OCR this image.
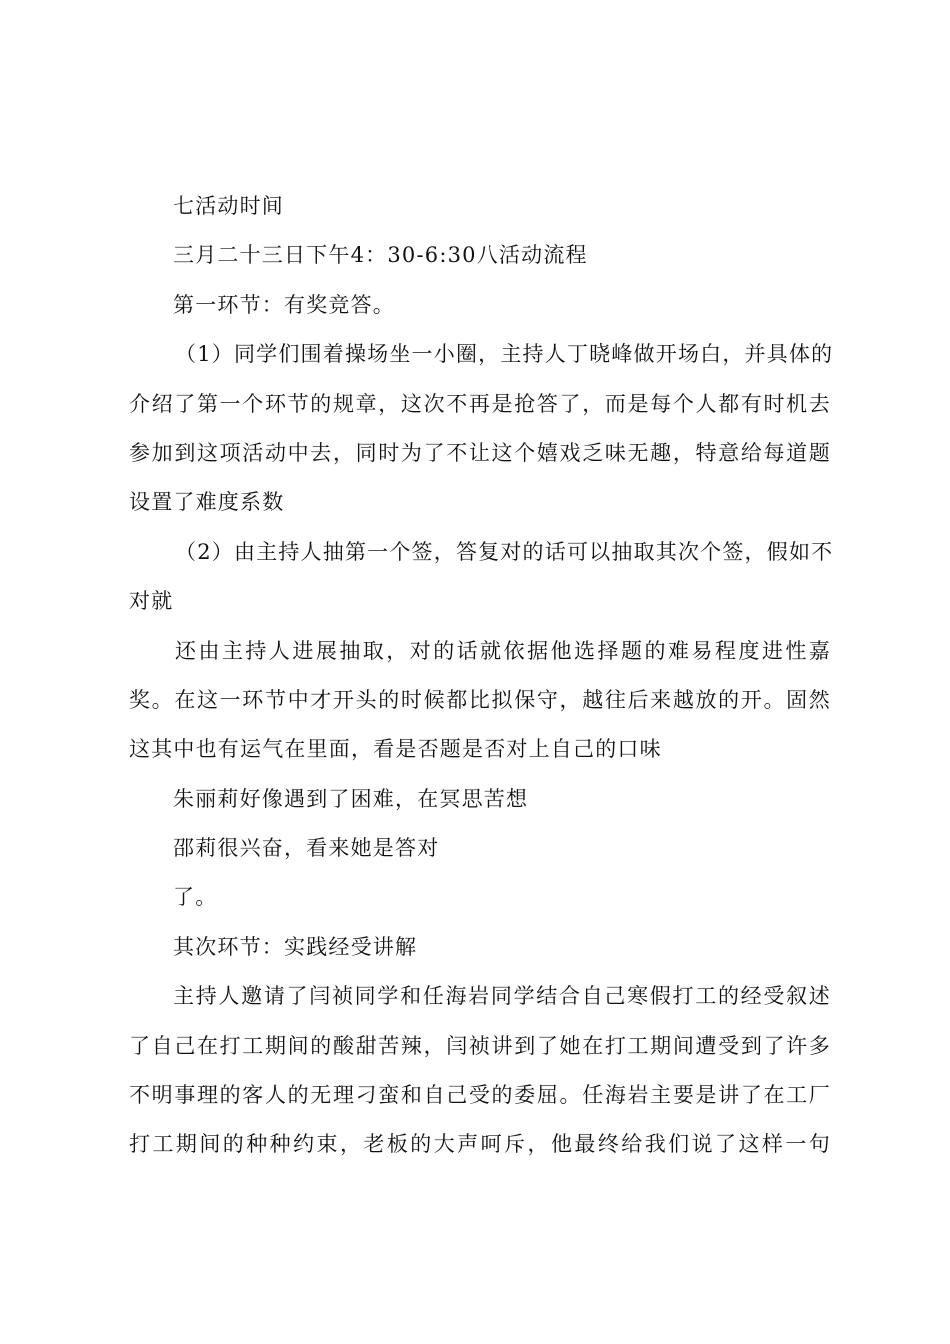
七活动时间
三月二十三日下午4：30-6:30八活动流程
第一环节：有奖竞答。
（1）同学们围着操场坐一小圈，主持人丁晓峰做开场白，并具体的
介绍了第一个环节的规章，这次不再是抢答了，而是每个人都有时机去
参加到这项活动中去，同时为了不让这个嬉戏乏味无趣，特意给每道题
设置了难度系数
（2）由主持人抽第一个签，答复对的话可以抽取其次个签，假如不
对就
还由主持人进展抽取，对的话就依据他选择题的难易程度进性嘉
奖。在这一环节中才开头的时候都比拟保守，越往后来越放的开。固然
这其中也有运气在里面，看是否题是否对上自己的口味
朱丽莉好像遇到了困难，在冥思苦想
邵莉很兴奋，看来她是答对
了。
其次环节：实践经受讲解
主持人邀请了闫祯同学和任海岩同学结合自己寒假打工的经受叙述
了自己在打工期间的酸甜苦辣，闫祯讲到了她在打工期间遭受到了许多
不明事理的客人的无理刁蛮和自己受的委屈。任海岩主要是讲了在工厂
打工期间的种种约束，老板的大声呵斥，他最终给我们说了这样一句
